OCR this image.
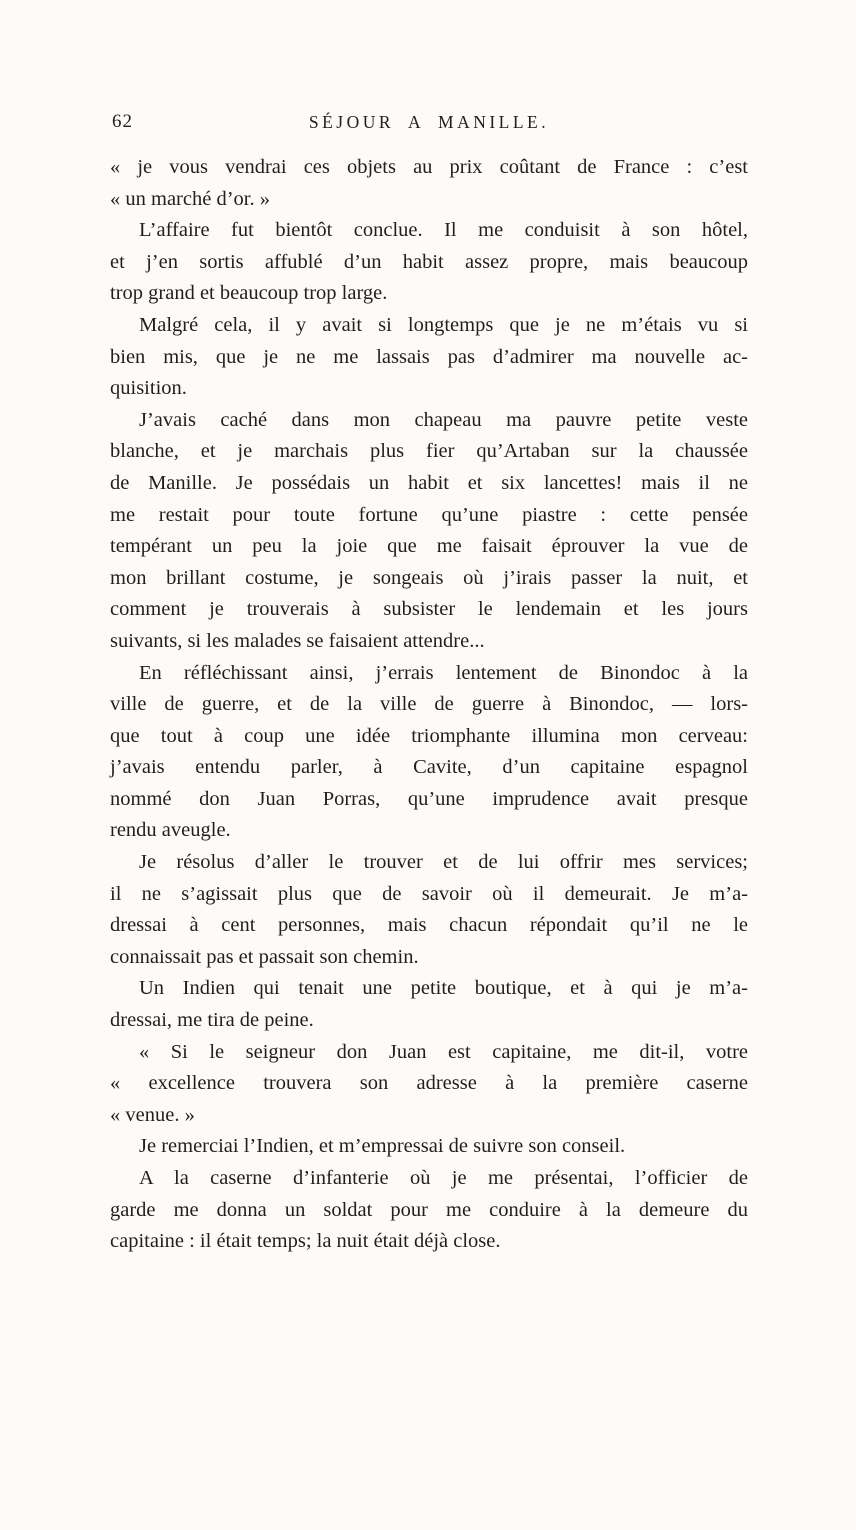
62	SÉJOUR A MANILLE.
« je vous vendrai ces objets au prix coûtant de France : c’est
« un marché d’or. »
L’affaire fut bientôt conclue. Il me conduisit à son hôtel,
et j’en sortis affublé d’un habit assez propre, mais beaucoup
trop grand et beaucoup trop large.
Malgré cela, il y avait si longtemps que je ne m’étais vu si
bien mis, que je ne me lassais pas d’admirer ma nouvelle ac-
quisition.
J’avais caché dans mon chapeau ma pauvre petite veste
blanche, et je marchais plus fier qu’Artaban sur la chaussée
de Manille. Je possédais un habit et six lancettes! mais il ne
me restait pour toute fortune qu’une piastre : cette pensée
tempérant un peu la joie que me faisait éprouver la vue de
mon brillant costume, je songeais où j’irais passer la nuit, et
comment je trouverais à subsister le lendemain et les jours
suivants, si les malades se faisaient attendre...
En réfléchissant ainsi, j’errais lentement de Binondoc à la
ville de guerre, et de la ville de guerre à Binondoc, — lors-
que tout à coup une idée triomphante illumina mon cerveau:
j’avais entendu parler, à Cavite, d’un capitaine espagnol
nommé don Juan Porras, qu’une imprudence avait presque
rendu aveugle.
Je résolus d’aller le trouver et de lui offrir mes services;
il ne s’agissait plus que de savoir où il demeurait. Je m’a-
dressai à cent personnes, mais chacun répondait qu’il ne le
connaissait pas et passait son chemin.
Un Indien qui tenait une petite boutique, et à qui je m’a-
dressai, me tira de peine.
« Si le seigneur don Juan est capitaine, me dit-il, votre
« excellence trouvera son adresse à la première caserne
« venue. »
Je remerciai l’Indien, et m’empressai de suivre son conseil.
A la caserne d’infanterie où je me présentai, l’officier de
garde me donna un soldat pour me conduire à la demeure du
capitaine : il était temps; la nuit était déjà close.
